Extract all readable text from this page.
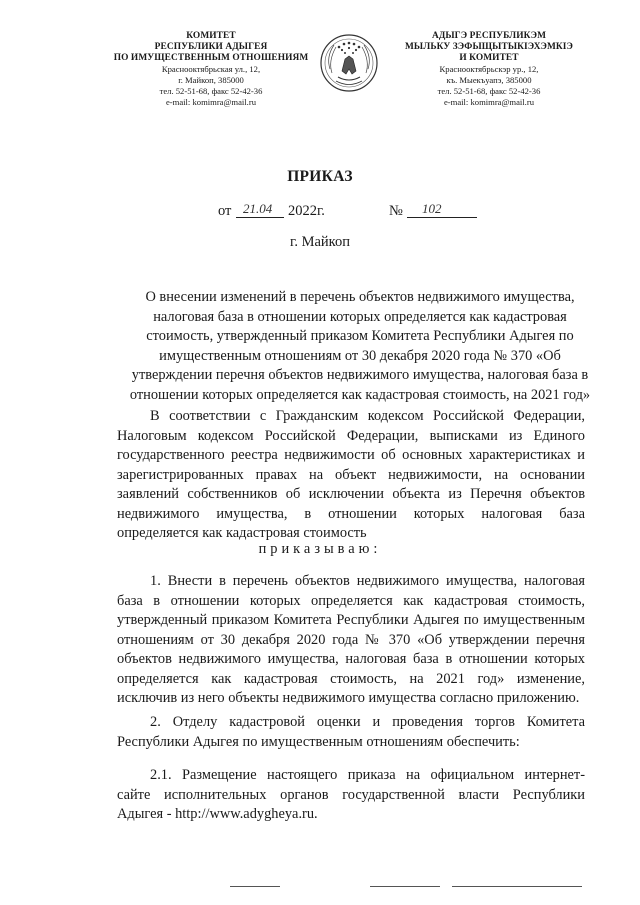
КОМИТЕТ
РЕСПУБЛИКИ АДЫГЕЯ
ПО ИМУЩЕСТВЕННЫМ ОТНОШЕНИЯМ
Краснооктябрьская ул., 12,
г. Майкоп, 385000
тел. 52-51-68, факс 52-42-36
e-mail: komimra@mail.ru
АДЫГЭ РЕСПУБЛИКЭМ
МЫЛЬКУ ЗЭФЫЩЫТЫКІЭХЭМКІЭ
И КОМИТЕТ
Краснооктябрьскэр ур., 12,
къ. Мыекъуапэ, 385000
тел. 52-51-68, факс 52-42-36
e-mail: komimra@mail.ru
ПРИКАЗ
от 21.04 2022г.	№ 102
г. Майкоп
О внесении изменений в перечень объектов недвижимого имущества,
налоговая база в отношении которых определяется как кадастровая
стоимость, утвержденный приказом Комитета Республики Адыгея по
имущественным отношениям от 30 декабря 2020 года № 370 «Об
утверждении перечня объектов недвижимого имущества, налоговая база в
отношении которых определяется как кадастровая стоимость, на 2021 год»
В соответствии с Гражданским кодексом Российской Федерации,
Налоговым кодексом Российской Федерации, выписками из Единого
государственного реестра недвижимости об основных характеристиках и
зарегистрированных правах на объект недвижимости, на основании
заявлений собственников об исключении объекта из Перечня объектов
недвижимого имущества, в отношении которых налоговая база
определяется как кадастровая стоимость
приказываю:
1. Внести в перечень объектов недвижимого имущества, налоговая
база в отношении которых определяется как кадастровая стоимость,
утвержденный приказом Комитета Республики Адыгея по имущественным
отношениям от 30 декабря 2020 года № 370 «Об утверждении перечня
объектов недвижимого имущества, налоговая база в отношении которых
определяется как кадастровая стоимость, на 2021 год» изменение,
исключив из него объекты недвижимого имущества согласно приложению.
2. Отделу кадастровой оценки и проведения торгов Комитета
Республики Адыгея по имущественным отношениям обеспечить:
2.1. Размещение настоящего приказа на официальном интернет-
сайте исполнительных органов государственной власти Республики
Адыгея - http://www.adygheya.ru.
